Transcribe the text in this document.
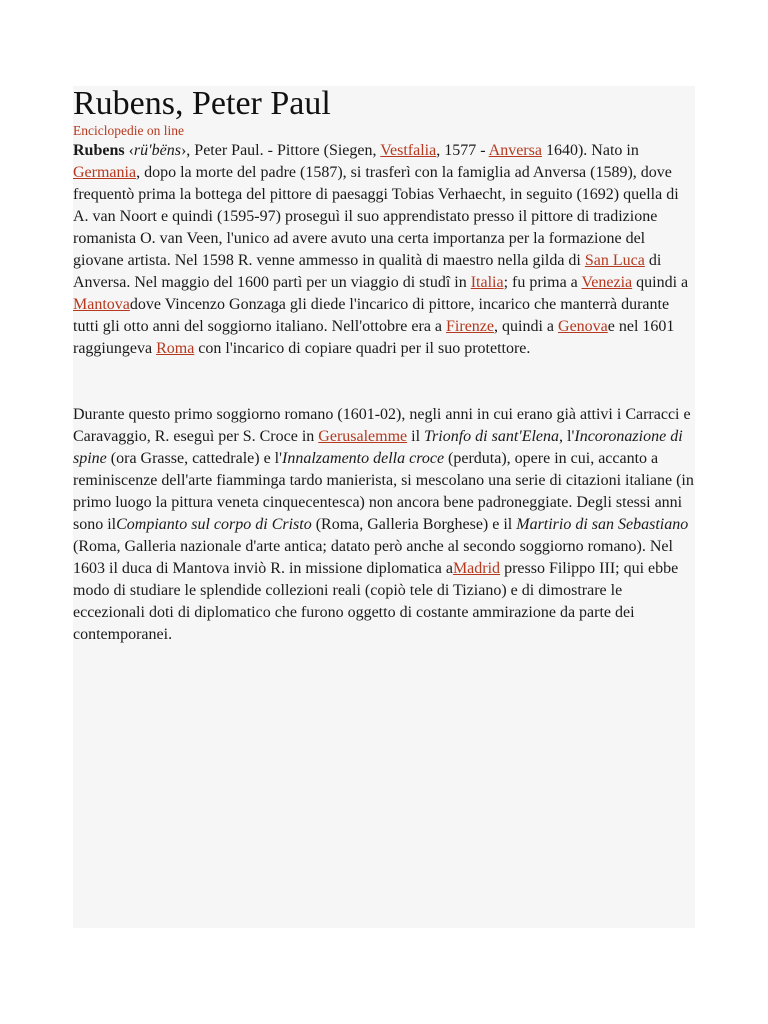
Rubens, Peter Paul
Enciclopedie on line

Rubens ‹rü′bëns›, Peter Paul. - Pittore (Siegen, Vestfalia, 1577 - Anversa 1640). Nato in Germania, dopo la morte del padre (1587), si trasferì con la famiglia ad Anversa (1589), dove frequentò prima la bottega del pittore di paesaggi Tobias Verhaecht, in seguito (1692) quella di A. van Noort e quindi (1595-97) proseguì il suo apprendistato presso il pittore di tradizione romanista O. van Veen, l'unico ad avere avuto una certa importanza per la formazione del giovane artista. Nel 1598 R. venne ammesso in qualità di maestro nella gilda di San Luca di Anversa. Nel maggio del 1600 partì per un viaggio di studî in Italia; fu prima a Venezia quindi a Mantovadove Vincenzo Gonzaga gli diede l'incarico di pittore, incarico che manterrà durante tutti gli otto anni del soggiorno italiano. Nell'ottobre era a Firenze, quindi a Genovae nel 1601 raggiungeva Roma con l'incarico di copiare quadri per il suo protettore.

Durante questo primo soggiorno romano (1601-02), negli anni in cui erano già attivi i Carracci e Caravaggio, R. eseguì per S. Croce in Gerusalemme il Trionfo di sant'Elena, l'Incoronazione di spine (ora Grasse, cattedrale) e l'Innalzamento della croce (perduta), opere in cui, accanto a reminiscenze dell'arte fiamminga tardo manierista, si mescolano una serie di citazioni italiane (in primo luogo la pittura veneta cinquecentesca) non ancora bene padroneggiate. Degli stessi anni sono ilCompianto sul corpo di Cristo (Roma, Galleria Borghese) e il Martirio di san Sebastiano (Roma, Galleria nazionale d'arte antica; datato però anche al secondo soggiorno romano). Nel 1603 il duca di Mantova inviò R. in missione diplomatica aMadrid presso Filippo III; qui ebbe modo di studiare le splendide collezioni reali (copiò tele di Tiziano) e di dimostrare le eccezionali doti di diplomatico che furono oggetto di costante ammirazione da parte dei contemporanei.
